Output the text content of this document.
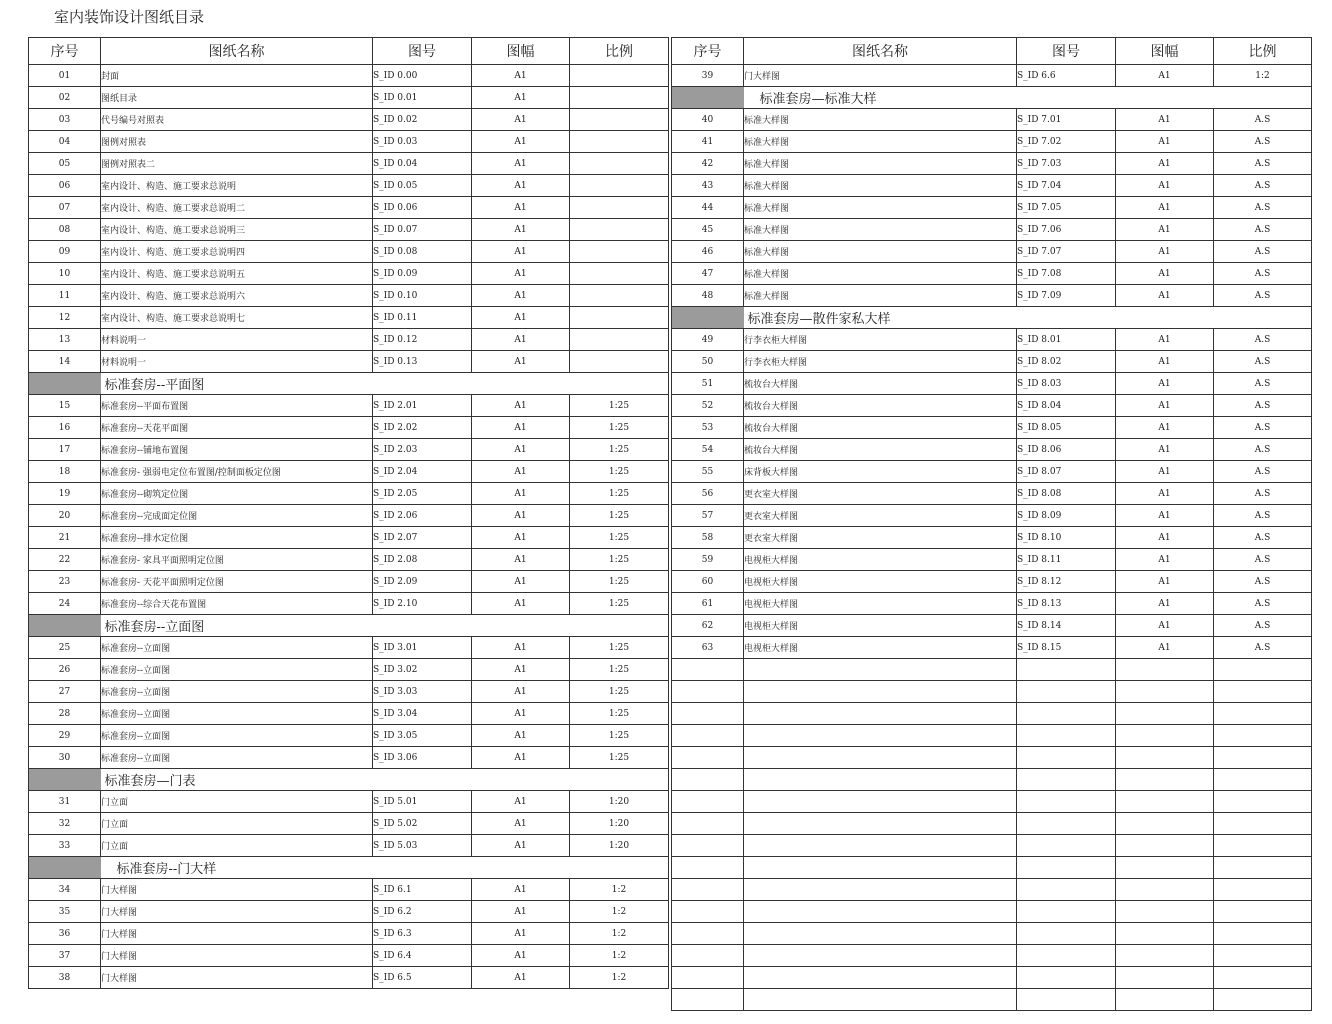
室内装饰设计图纸目录
序号	图纸名称	图号	图幅	比例
01	封面	S_ID 0.00	A1	
02	图纸目录	S_ID 0.01	A1	
03	代号编号对照表	S_ID 0.02	A1	
04	图例对照表	S_ID 0.03	A1	
05	图例对照表二	S_ID 0.04	A1	
06	室内设计、构造、施工要求总说明	S_ID 0.05	A1	
07	室内设计、构造、施工要求总说明二	S_ID 0.06	A1	
08	室内设计、构造、施工要求总说明三	S_ID 0.07	A1	
09	室内设计、构造、施工要求总说明四	S_ID 0.08	A1	
10	室内设计、构造、施工要求总说明五	S_ID 0.09	A1	
11	室内设计、构造、施工要求总说明六	S_ID 0.10	A1	
12	室内设计、构造、施工要求总说明七	S_ID 0.11	A1	
13	材料说明一	S_ID 0.12	A1	
14	材料说明一	S_ID 0.13	A1	
	标准套房--平面图			
15	标准套房--平面布置图	S_ID 2.01	A1	1:25
16	标准套房--天花平面图	S_ID 2.02	A1	1:25
17	标准套房--铺地布置图	S_ID 2.03	A1	1:25
18	标准套房- 强弱电定位布置图/控制面板定位图	S_ID 2.04	A1	1:25
19	标准套房--砌筑定位图	S_ID 2.05	A1	1:25
20	标准套房--完成面定位图	S_ID 2.06	A1	1:25
21	标准套房--排水定位图	S_ID 2.07	A1	1:25
22	标准套房- 家具平面照明定位图	S_ID 2.08	A1	1:25
23	标准套房- 天花平面照明定位图	S_ID 2.09	A1	1:25
24	标准套房--综合天花布置图	S_ID 2.10	A1	1:25
	标准套房--立面图			
25	标准套房--立面图	S_ID 3.01	A1	1:25
26	标准套房--立面图	S_ID 3.02	A1	1:25
27	标准套房--立面图	S_ID 3.03	A1	1:25
28	标准套房--立面图	S_ID 3.04	A1	1:25
29	标准套房--立面图	S_ID 3.05	A1	1:25
30	标准套房--立面图	S_ID 3.06	A1	1:25
	标准套房—门表			
31	门立面	S_ID 5.01	A1	1:20
32	门立面	S_ID 5.02	A1	1:20
33	门立面	S_ID 5.03	A1	1:20
	标准套房--门大样			
34	门大样图	S_ID 6.1	A1	1:2
35	门大样图	S_ID 6.2	A1	1:2
36	门大样图	S_ID 6.3	A1	1:2
37	门大样图	S_ID 6.4	A1	1:2
38	门大样图	S_ID 6.5	A1	1:2
序号	图纸名称	图号	图幅	比例
39	门大样图	S_ID 6.6	A1	1:2
	标准套房—标准大样			
40	标准大样图	S_ID 7.01	A1	A.S
41	标准大样图	S_ID 7.02	A1	A.S
42	标准大样图	S_ID 7.03	A1	A.S
43	标准大样图	S_ID 7.04	A1	A.S
44	标准大样图	S_ID 7.05	A1	A.S
45	标准大样图	S_ID 7.06	A1	A.S
46	标准大样图	S_ID 7.07	A1	A.S
47	标准大样图	S_ID 7.08	A1	A.S
48	标准大样图	S_ID 7.09	A1	A.S
	标准套房—散件家私大样			
49	行李衣柜大样图	S_ID 8.01	A1	A.S
50	行李衣柜大样图	S_ID 8.02	A1	A.S
51	梳妆台大样图	S_ID 8.03	A1	A.S
52	梳妆台大样图	S_ID 8.04	A1	A.S
53	梳妆台大样图	S_ID 8.05	A1	A.S
54	梳妆台大样图	S_ID 8.06	A1	A.S
55	床背板大样图	S_ID 8.07	A1	A.S
56	更衣室大样图	S_ID 8.08	A1	A.S
57	更衣室大样图	S_ID 8.09	A1	A.S
58	更衣室大样图	S_ID 8.10	A1	A.S
59	电视柜大样图	S_ID 8.11	A1	A.S
60	电视柜大样图	S_ID 8.12	A1	A.S
61	电视柜大样图	S_ID 8.13	A1	A.S
62	电视柜大样图	S_ID 8.14	A1	A.S
63	电视柜大样图	S_ID 8.15	A1	A.S
